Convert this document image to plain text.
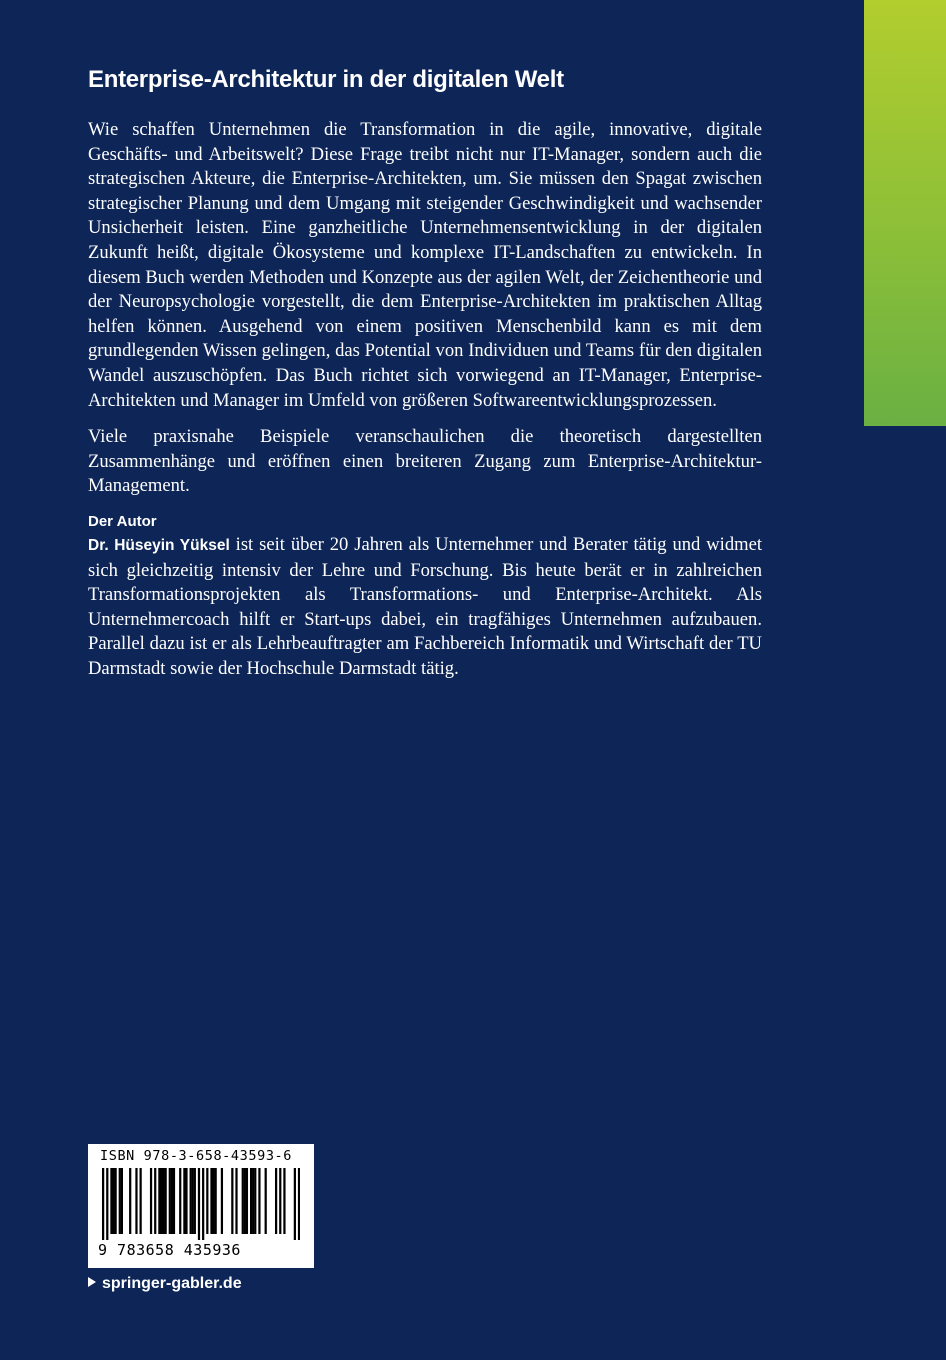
Enterprise-Architektur in der digitalen Welt

Wie schaffen Unternehmen die Transformation in die agile, innovative, digitale Geschäfts- und Arbeitswelt? Diese Frage treibt nicht nur IT-Manager, sondern auch die strategischen Akteure, die Enterprise-Architekten, um. Sie müssen den Spagat zwischen strategischer Planung und dem Umgang mit steigender Geschwindigkeit und wachsender Unsicherheit leisten. Eine ganzheitliche Unternehmensentwicklung in der digitalen Zukunft heißt, digitale Ökosysteme und komplexe IT-Landschaften zu entwickeln. In diesem Buch werden Methoden und Konzepte aus der agilen Welt, der Zeichentheorie und der Neuropsychologie vorgestellt, die dem Enterprise-Architekten im praktischen Alltag helfen können. Ausgehend von einem positiven Menschenbild kann es mit dem grundlegenden Wissen gelingen, das Potential von Individuen und Teams für den digitalen Wandel auszuschöpfen. Das Buch richtet sich vorwiegend an IT-Manager, Enterprise-Architekten und Manager im Umfeld von größeren Softwareentwicklungsprozessen.

Viele praxisnahe Beispiele veranschaulichen die theoretisch dargestellten Zusammenhänge und eröffnen einen breiteren Zugang zum Enterprise-Architektur-Management.

Der Autor

Dr. Hüseyin Yüksel ist seit über 20 Jahren als Unternehmer und Berater tätig und widmet sich gleichzeitig intensiv der Lehre und Forschung. Bis heute berät er in zahlreichen Transformationsprojekten als Transformations- und Enterprise-Architekt. Als Unternehmercoach hilft er Start-ups dabei, ein tragfähiges Unternehmen aufzubauen. Parallel dazu ist er als Lehrbeauftragter am Fachbereich Informatik und Wirtschaft der TU Darmstadt sowie der Hochschule Darmstadt tätig.

ISBN 978-3-658-43593-6
9 783658 435936
springer-gabler.de
